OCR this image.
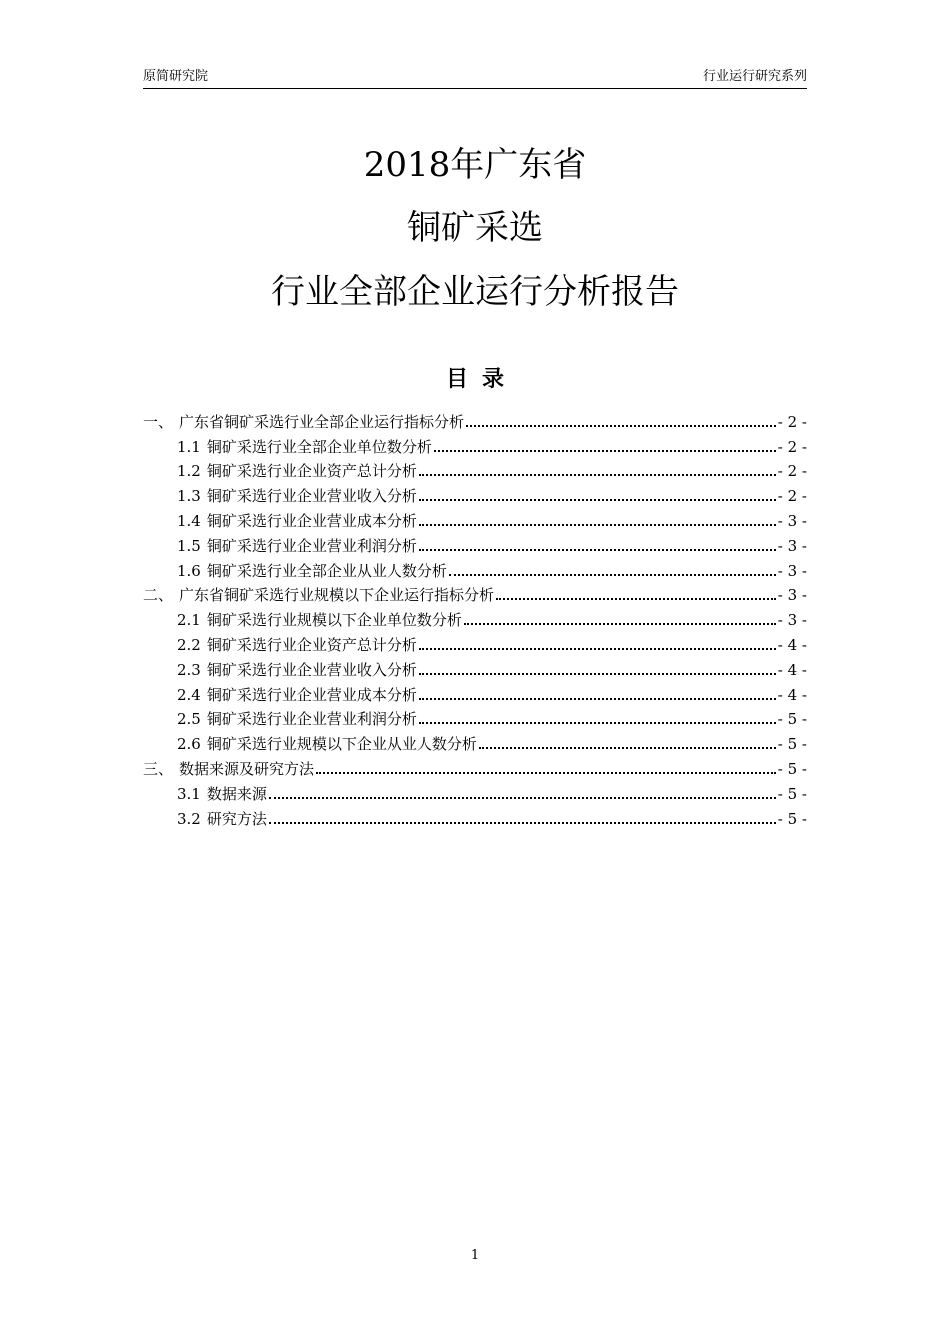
原简研究院	行业运行研究系列
2018年广东省
铜矿采选
行业全部企业运行分析报告
目录
一、 广东省铜矿采选行业全部企业运行指标分析	- 2 -
1.1 铜矿采选行业全部企业单位数分析	- 2 -
1.2 铜矿采选行业企业资产总计分析	- 2 -
1.3 铜矿采选行业企业营业收入分析	- 2 -
1.4 铜矿采选行业企业营业成本分析	- 3 -
1.5 铜矿采选行业企业营业利润分析	- 3 -
1.6 铜矿采选行业全部企业从业人数分析	- 3 -
二、 广东省铜矿采选行业规模以下企业运行指标分析	- 3 -
2.1 铜矿采选行业规模以下企业单位数分析	- 3 -
2.2 铜矿采选行业企业资产总计分析	- 4 -
2.3 铜矿采选行业企业营业收入分析	- 4 -
2.4 铜矿采选行业企业营业成本分析	- 4 -
2.5 铜矿采选行业企业营业利润分析	- 5 -
2.6 铜矿采选行业规模以下企业从业人数分析	- 5 -
三、 数据来源及研究方法	- 5 -
3.1 数据来源	- 5 -
3.2 研究方法	- 5 -
1
